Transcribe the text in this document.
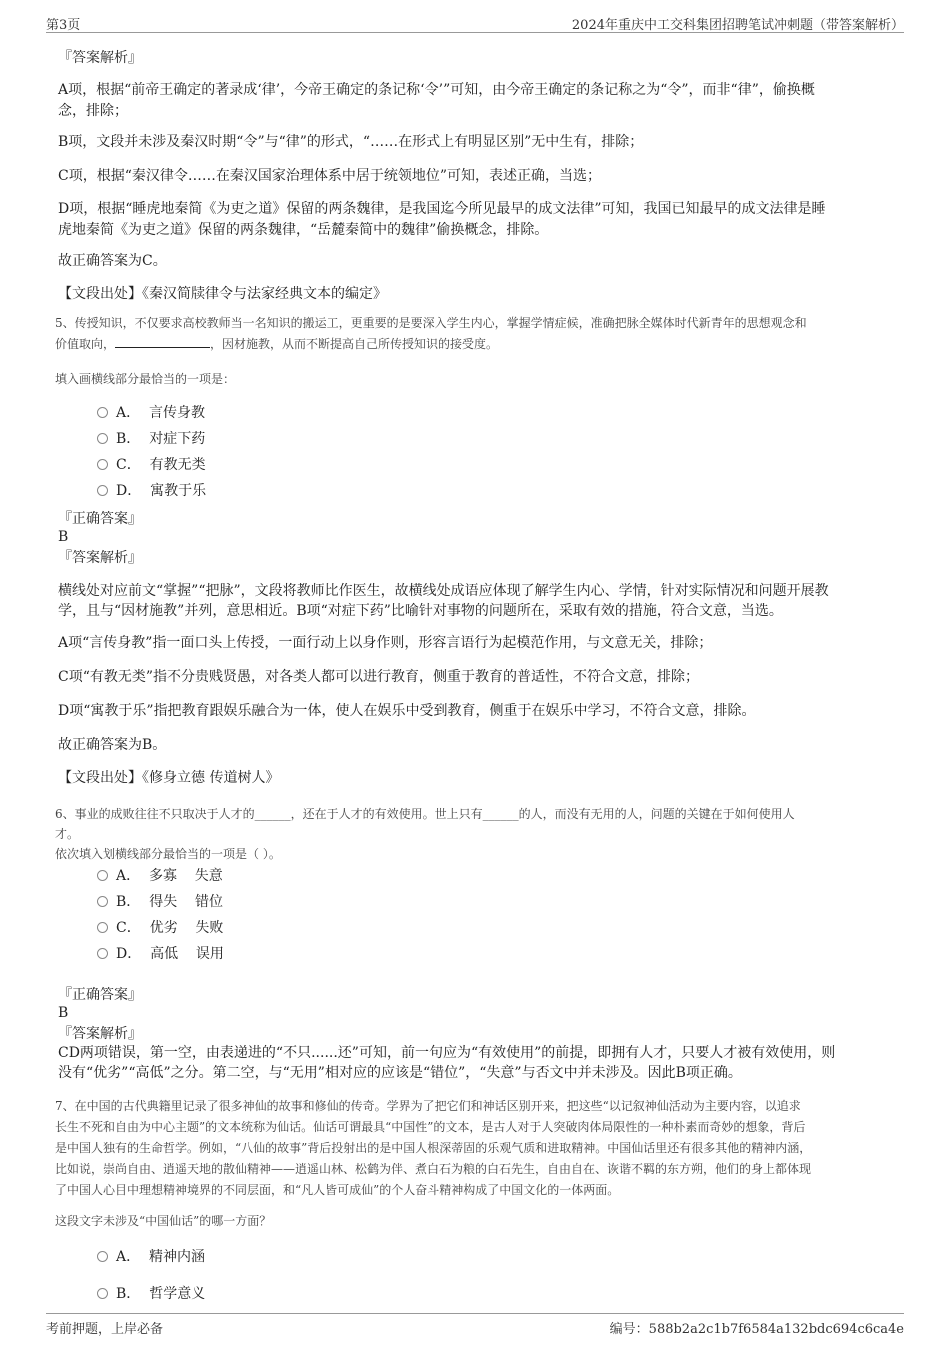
第3页	2024年重庆中工交科集团招聘笔试冲刺题（带答案解析）
『答案解析』
A项，根据“前帝王确定的著录成‘律’，今帝王确定的条记称‘令’”可知，由今帝王确定的条记称之为“令”，而非“律”，偷换概
念，排除；
B项，文段并未涉及秦汉时期“令”与“律”的形式，“……在形式上有明显区别”无中生有，排除；
C项，根据“秦汉律令……在秦汉国家治理体系中居于统领地位”可知，表述正确，当选；
D项，根据“睡虎地秦简《为吏之道》保留的两条魏律，是我国迄今所见最早的成文法律”可知，我国已知最早的成文法律是睡
虎地秦简《为吏之道》保留的两条魏律，“岳麓秦简中的魏律”偷换概念，排除。
故正确答案为C。
【文段出处】《秦汉简牍律令与法家经典文本的编定》
5、传授知识，不仅要求高校教师当一名知识的搬运工，更重要的是要深入学生内心，掌握学情症候，准确把脉全媒体时代新青年的思想观念和
价值取向，	，因材施教，从而不断提高自己所传授知识的接受度。
填入画横线部分最恰当的一项是：
A．  言传身教
B．  对症下药
C．  有教无类
D．  寓教于乐
『正确答案』
B
『答案解析』
横线处对应前文“掌握”“把脉”，文段将教师比作医生，故横线处成语应体现了解学生内心、学情，针对实际情况和问题开展教
学，且与“因材施教”并列，意思相近。B项“对症下药”比喻针对事物的问题所在，采取有效的措施，符合文意，当选。
A项“言传身教”指一面口头上传授，一面行动上以身作则，形容言语行为起模范作用，与文意无关，排除；
C项“有教无类”指不分贵贱贤愚，对各类人都可以进行教育，侧重于教育的普适性，不符合文意，排除；
D项“寓教于乐”指把教育跟娱乐融合为一体，使人在娱乐中受到教育，侧重于在娱乐中学习，不符合文意，排除。
故正确答案为B。
【文段出处】《修身立德 传道树人》
6、事业的成败往往不只取决于人才的______，还在于人才的有效使用。世上只有______的人，而没有无用的人，问题的关键在于如何使用人
才。
依次填入划横线部分最恰当的一项是（ ）。
A．  多寡    失意
B．  得失    错位
C．  优劣    失败
D．  高低    误用
『正确答案』
B
『答案解析』
CD两项错误，第一空，由表递进的“不只......还”可知，前一句应为“有效使用”的前提，即拥有人才，只要人才被有效使用，则
没有“优劣”“高低”之分。第二空，与“无用”相对应的应该是“错位”，“失意”与否文中并未涉及。因此B项正确。
7、在中国的古代典籍里记录了很多神仙的故事和修仙的传奇。学界为了把它们和神话区别开来，把这些“以记叙神仙活动为主要内容，以追求
长生不死和自由为中心主题”的文本统称为仙话。仙话可谓最具“中国性”的文本，是古人对于人突破肉体局限性的一种朴素而奇妙的想象，背后
是中国人独有的生命哲学。例如，“八仙的故事”背后投射出的是中国人根深蒂固的乐观气质和进取精神。中国仙话里还有很多其他的精神内涵，
比如说，崇尚自由、逍遥天地的散仙精神——逍遥山林、松鹤为伴、煮白石为粮的白石先生，自由自在、诙谐不羁的东方朔，他们的身上都体现
了中国人心目中理想精神境界的不同层面，和“凡人皆可成仙”的个人奋斗精神构成了中国文化的一体两面。
这段文字未涉及“中国仙话”的哪一方面？
A．  精神内涵
B．  哲学意义
考前押题，上岸必备	编号：588b2a2c1b7f6584a132bdc694c6ca4e
